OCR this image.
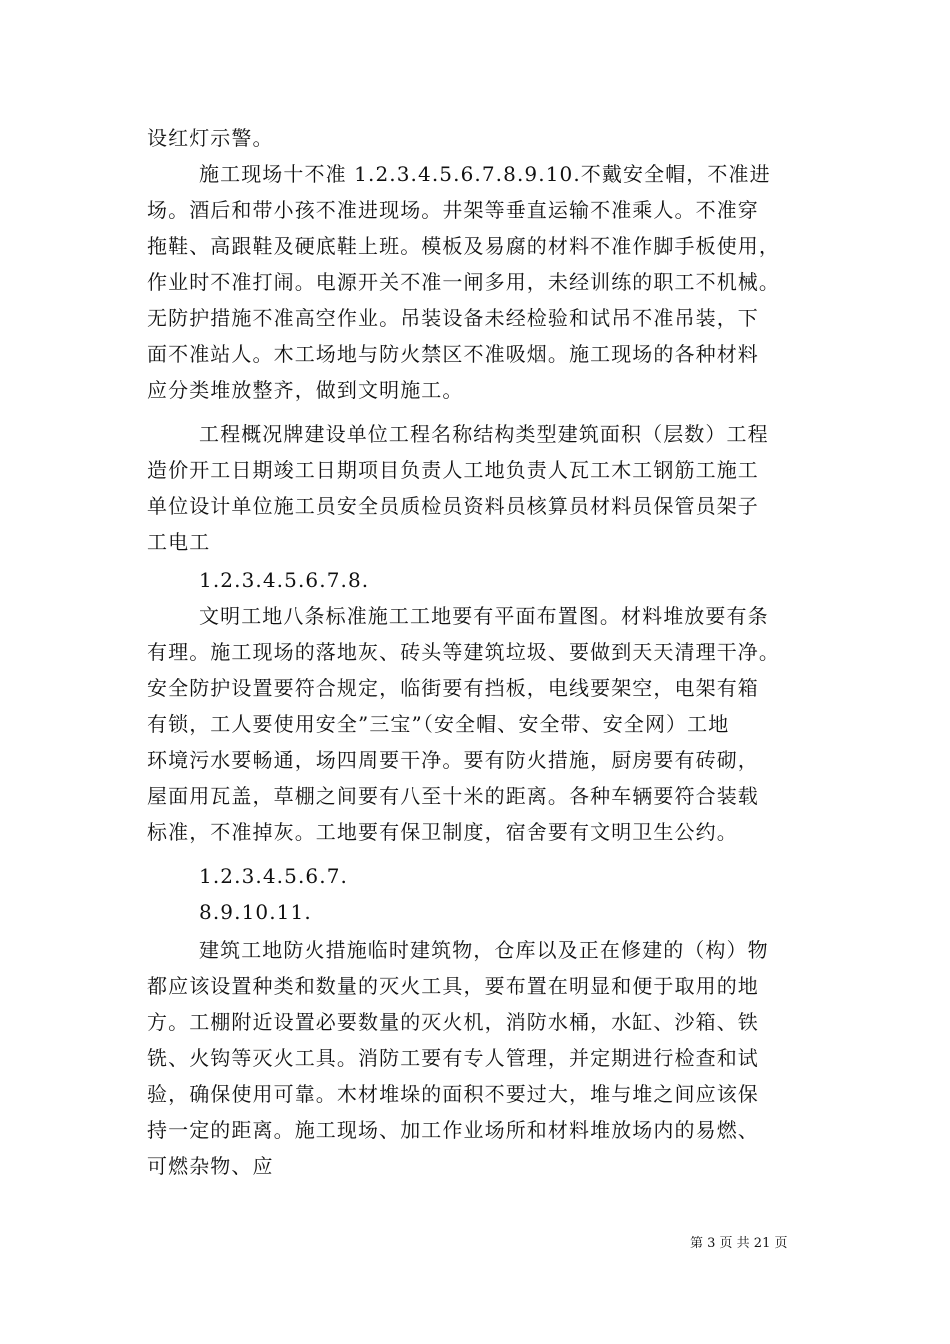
设红灯示警。
施工现场十不准 1.2.3.4.5.6.7.8.9.10.不戴安全帽，不准进
场。酒后和带小孩不准进现场。井架等垂直运输不准乘人。不准穿
拖鞋、高跟鞋及硬底鞋上班。模板及易腐的材料不准作脚手板使用，
作业时不准打闹。电源开关不准一闸多用，未经训练的职工不机械。
无防护措施不准高空作业。吊装设备未经检验和试吊不准吊装，下
面不准站人。木工场地与防火禁区不准吸烟。施工现场的各种材料
应分类堆放整齐，做到文明施工。
工程概况牌建设单位工程名称结构类型建筑面积（层数）工程
造价开工日期竣工日期项目负责人工地负责人瓦工木工钢筋工施工
单位设计单位施工员安全员质检员资料员核算员材料员保管员架子
工电工
1.2.3.4.5.6.7.8.
文明工地八条标准施工工地要有平面布置图。材料堆放要有条
有理。施工现场的落地灰、砖头等建筑垃圾、要做到天天清理干净。
安全防护设置要符合规定，临街要有挡板，电线要架空，电架有箱
有锁，工人要使用安全”三宝”（安全帽、安全带、安全网）工地
环境污水要畅通，场四周要干净。要有防火措施，厨房要有砖砌，
屋面用瓦盖，草棚之间要有八至十米的距离。各种车辆要符合装载
标准，不准掉灰。工地要有保卫制度，宿舍要有文明卫生公约。
1.2.3.4.5.6.7.
8.9.10.11.
建筑工地防火措施临时建筑物，仓库以及正在修建的（构）物
都应该设置种类和数量的灭火工具，要布置在明显和便于取用的地
方。工棚附近设置必要数量的灭火机，消防水桶，水缸、沙箱、铁
铣、火钩等灭火工具。消防工要有专人管理，并定期进行检查和试
验，确保使用可靠。木材堆垛的面积不要过大，堆与堆之间应该保
持一定的距离。施工现场、加工作业场所和材料堆放场内的易燃、
可燃杂物、应
第 3 页 共 21 页
